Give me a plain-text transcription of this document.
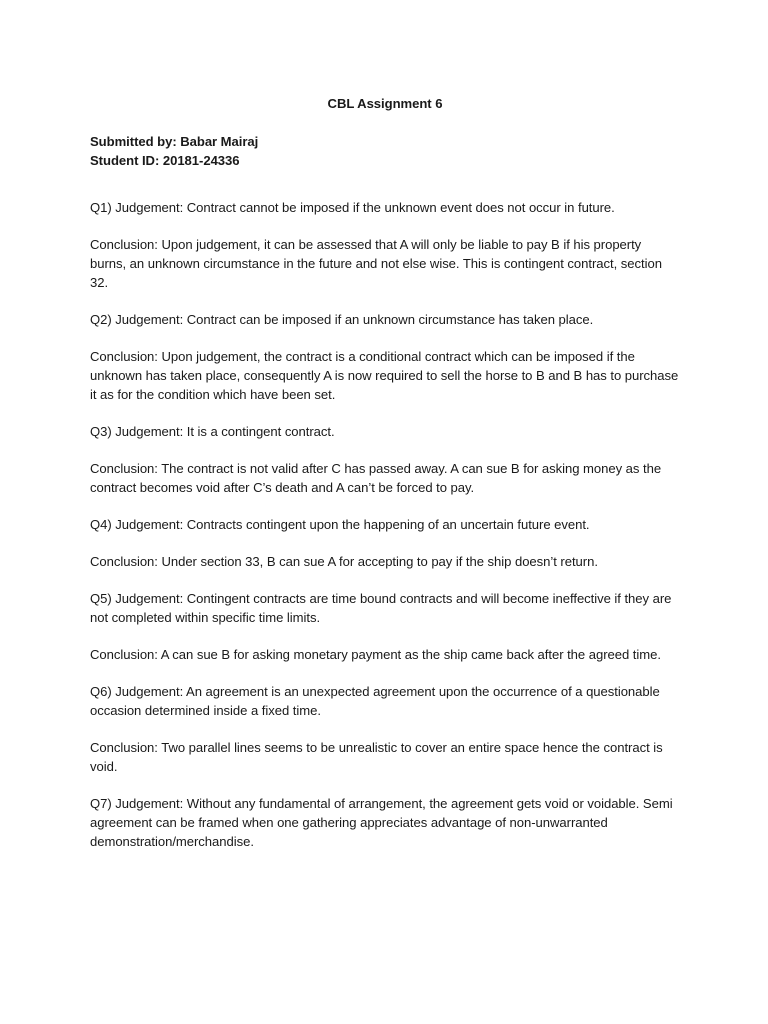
CBL Assignment 6
Submitted by: Babar Mairaj
Student ID: 20181-24336

Q1) Judgement: Contract cannot be imposed if the unknown event does not occur in future.

Conclusion: Upon judgement, it can be assessed that A will only be liable to pay B if his property burns, an unknown circumstance in the future and not else wise. This is contingent contract, section 32.

Q2) Judgement: Contract can be imposed if an unknown circumstance has taken place.

Conclusion: Upon judgement, the contract is a conditional contract which can be imposed if the unknown has taken place, consequently A is now required to sell the horse to B and B has to purchase it as for the condition which have been set.

Q3) Judgement: It is a contingent contract.

Conclusion: The contract is not valid after C has passed away. A can sue B for asking money as the contract becomes void after C’s death and A can’t be forced to pay.

Q4) Judgement: Contracts contingent upon the happening of an uncertain future event.

Conclusion: Under section 33, B can sue A for accepting to pay if the ship doesn’t return.

Q5) Judgement: Contingent contracts are time bound contracts and will become ineffective if they are not completed within specific time limits.

Conclusion: A can sue B for asking monetary payment as the ship came back after the agreed time.

Q6) Judgement: An agreement is an unexpected agreement upon the occurrence of a questionable occasion determined inside a fixed time.

Conclusion: Two parallel lines seems to be unrealistic to cover an entire space hence the contract is void.

Q7) Judgement: Without any fundamental of arrangement, the agreement gets void or voidable. Semi agreement can be framed when one gathering appreciates advantage of non-unwarranted demonstration/merchandise.
